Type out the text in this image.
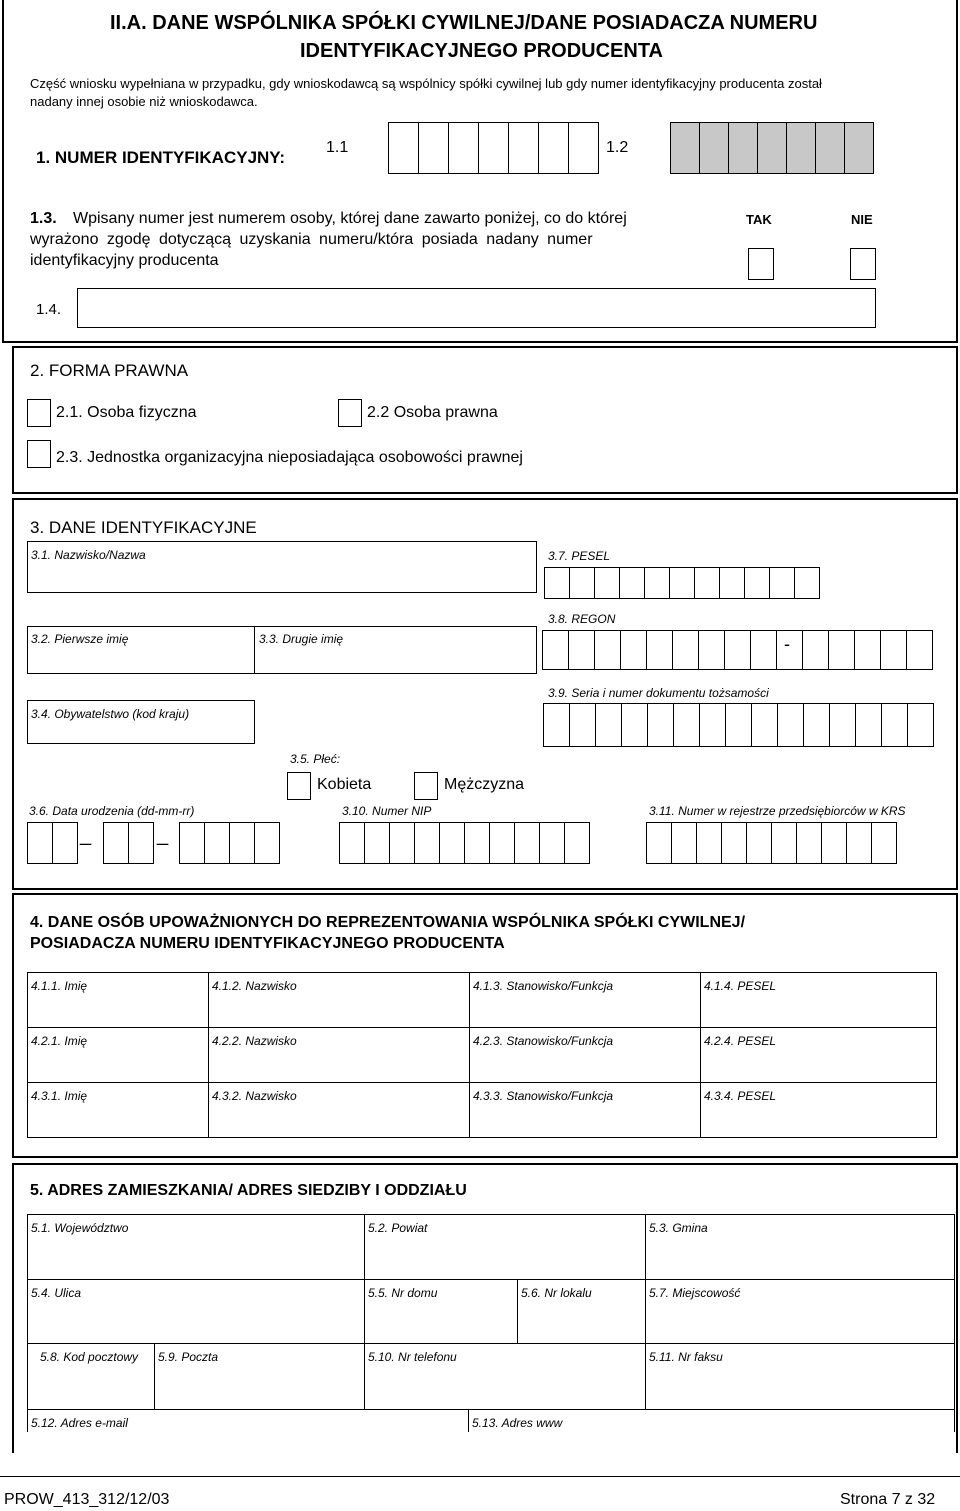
II.A. DANE WSPÓLNIKA SPÓŁKI CYWILNEJ/DANE POSIADACZA NUMERU
IDENTYFIKACYJNEGO PRODUCENTA
Część wniosku wypełniana w przypadku, gdy wnioskodawcą są wspólnicy spółki cywilnej lub gdy numer identyfikacyjny producenta został
nadany innej osobie niż wnioskodawca.
1. NUMER IDENTYFIKACYJNY:
1.1	1.2
1.3. Wpisany numer jest numerem osoby, której dane zawarto poniżej, co do której
wyrażono zgodę dotyczącą uzyskania numeru/która posiada nadany numer
identyfikacyjny producenta
TAK	NIE
1.4.
2. FORMA PRAWNA
2.1. Osoba fizyczna	2.2 Osoba prawna
2.3. Jednostka organizacyjna nieposiadająca osobowości prawnej
3. DANE IDENTYFIKACYJNE
3.1. Nazwisko/Nazwa
3.2. Pierwsze imię	3.3. Drugie imię
3.4. Obywatelstwo (kod kraju)
3.7. PESEL
3.8. REGON
-
3.9. Seria i numer dokumentu tożsamości
3.5. Płeć:
Kobieta	Mężczyzna
3.6. Data urodzenia (dd-mm-rr)
_	_
3.10. Numer NIP	3.11. Numer w rejestrze przedsiębiorców w KRS
4. DANE OSÓB UPOWAŻNIONYCH DO REPREZENTOWANIA WSPÓLNIKA SPÓŁKI CYWILNEJ/
POSIADACZA NUMERU IDENTYFIKACYJNEGO PRODUCENTA
4.1.1. Imię	4.1.2. Nazwisko	4.1.3. Stanowisko/Funkcja	4.1.4. PESEL

4.2.1. Imię	4.2.2. Nazwisko	4.2.3. Stanowisko/Funkcja	4.2.4. PESEL

4.3.1. Imię	4.3.2. Nazwisko	4.3.3. Stanowisko/Funkcja	4.3.4. PESEL
5. ADRES ZAMIESZKANIA/ ADRES SIEDZIBY I ODDZIAŁU
5.1. Województwo	5.2. Powiat	5.3. Gmina
5.4. Ulica	5.5. Nr domu	5.6. Nr lokalu	5.7. Miejscowość
5.8. Kod pocztowy	5.9. Poczta	5.10. Nr telefonu	5.11. Nr faksu
5.12. Adres e-mail	5.13. Adres www
PROW_413_312/12/03	Strona 7 z 32
